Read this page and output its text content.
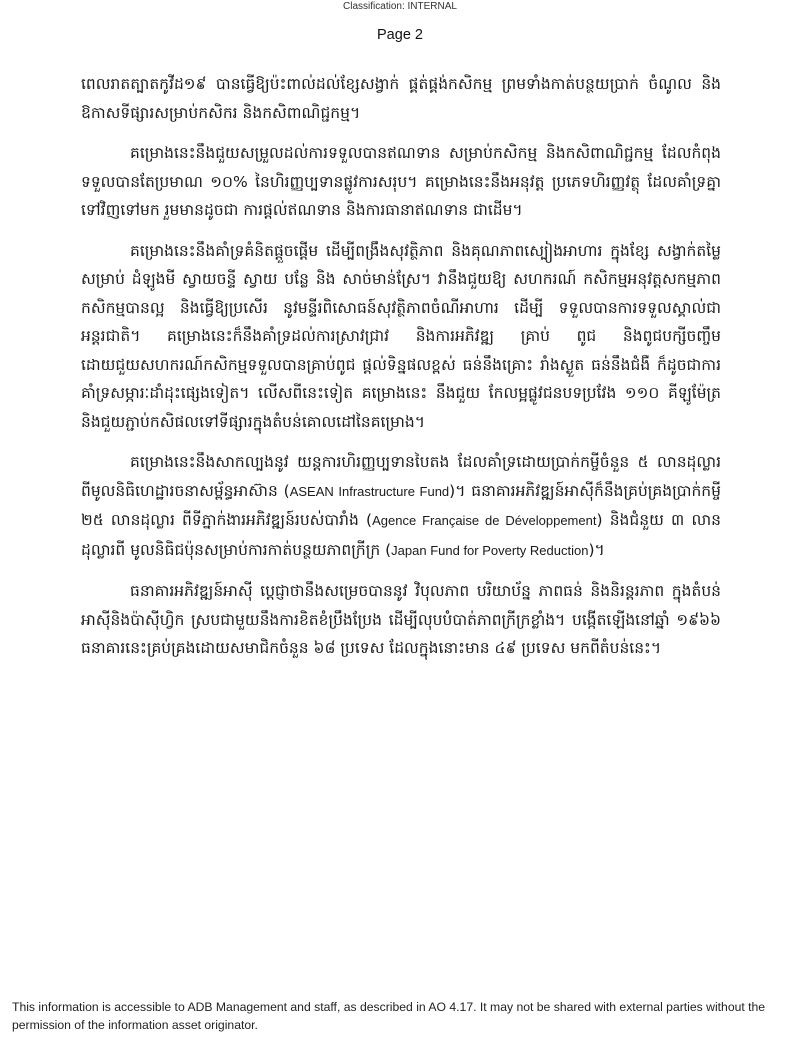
Classification: INTERNAL
Page 2

ពេលរាតត្បាតកូវីដ១៩ បានធ្វើឱ្យប៉ះពាល់ដល់ខ្សែសង្វាក់ ផ្គត់ផ្គង់កសិកម្ម ព្រមទាំងកាត់បន្ថយប្រាក់ ចំណូល និងឱកាសទីផ្សារសម្រាប់កសិករ និងកសិពាណិជ្ជកម្ម។

គម្រោងនេះនឹងជួយសម្រួលដល់ការទទួលបានឥណទាន សម្រាប់កសិកម្ម និងកសិពាណិជ្ជកម្ម ដែលកំពុងទទួលបានតែប្រមាណ ១០% នៃហិរញ្ញប្បទានផ្លូវការសរុប។ គម្រោងនេះនឹងអនុវត្ត ប្រភេទហិរញ្ញវត្ថុ ដែលគាំទ្រគ្នាទៅវិញទៅមក រួមមានដូចជា ការផ្តល់ឥណទាន និងការធានាឥណទាន ជាដើម។

គម្រោងនេះនឹងគាំទ្រគំនិតផ្តួចផ្តើម ដើម្បីពង្រឹងសុវត្ថិភាព និងគុណភាពស្បៀងអាហារ ក្នុងខ្សែ សង្វាក់តម្លៃសម្រាប់ ដំឡូងមី ស្វាយចន្ទី ស្វាយ បន្លែ និង សាច់មាន់ស្រែ។ វានឹងជួយឱ្យ សហករណ៍ កសិកម្មអនុវត្តសកម្មភាពកសិកម្មបានល្អ និងធ្វើឱ្យប្រសើរ នូវមន្ទីរពិសោធន៍សុវត្ថិភាពចំណីអាហារ ដើម្បី ទទួលបានការទទួលស្គាល់ជាអន្តរជាតិ។ គម្រោងនេះក៏នឹងគាំទ្រដល់ការស្រាវជ្រាវ និងការអភិវឌ្ឍ គ្រាប់ ពូជ និងពូជបក្សីចញ្ចឹម ដោយជួយសហករណ៍កសិកម្មទទួលបានគ្រាប់ពូជ ផ្តល់ទិន្នផលខ្ពស់ ធន់នឹងគ្រោះ រាំងស្ងួត ធន់នឹងជំងឺ ក៏ដូចជាការគាំទ្រសម្ភារៈដាំដុះផ្សេងទៀត។ លើសពីនេះទៀត គម្រោងនេះ នឹងជួយ កែលម្អផ្លូវជនបទប្រវែង ១១០ គីឡូម៉ែត្រ និងជួយភ្ជាប់កសិផលទៅទីផ្សារក្នុងតំបន់គោលដៅនៃគម្រោង។

គម្រោងនេះនឹងសាកល្បងនូវ យន្តការហិរញ្ញប្បទានបៃតង ដែលគាំទ្រដោយប្រាក់កម្ចីចំនួន ៥ លានដុល្លារ ពីមូលនិធិហេដ្ឋារចនាសម្ព័ន្ធអាស៊ាន (ASEAN Infrastructure Fund)។ ធនាគារអភិវឌ្ឍន៍អាស៊ីក៏នឹងគ្រប់គ្រងប្រាក់កម្ចី ២៥ លានដុល្លារ ពីទីភ្នាក់ងារអភិវឌ្ឍន៍របស់បារាំង (Agence Française de Développement) និងជំនួយ ៣ លានដុល្លារពី មូលនិធិជប៉ុនសម្រាប់ការកាត់បន្ថយភាពក្រីក្រ (Japan Fund for Poverty Reduction)។

ធនាគារអភិវឌ្ឍន៍អាស៊ី ប្តេជ្ញាថានឹងសម្រេចបាននូវ វិបុលភាព បរិយាប័ន្ន ភាពធន់ និងនិរន្តរភាព ក្នុងតំបន់អាស៊ីនិងប៉ាស៊ីហ្វិក ស្របជាមួយនឹងការខិតខំប្រឹងប្រែង ដើម្បីលុបបំបាត់ភាពក្រីក្រខ្លាំង។ បង្កើតឡើងនៅឆ្នាំ ១៩៦៦ ធនាគារនេះគ្រប់គ្រងដោយសមាជិកចំនួន ៦៨ ប្រទេស ដែលក្នុងនោះមាន ៤៩ ប្រទេស មកពីតំបន់នេះ។

This information is accessible to ADB Management and staff, as described in AO 4.17. It may not be shared with external parties without the permission of the information asset originator.
